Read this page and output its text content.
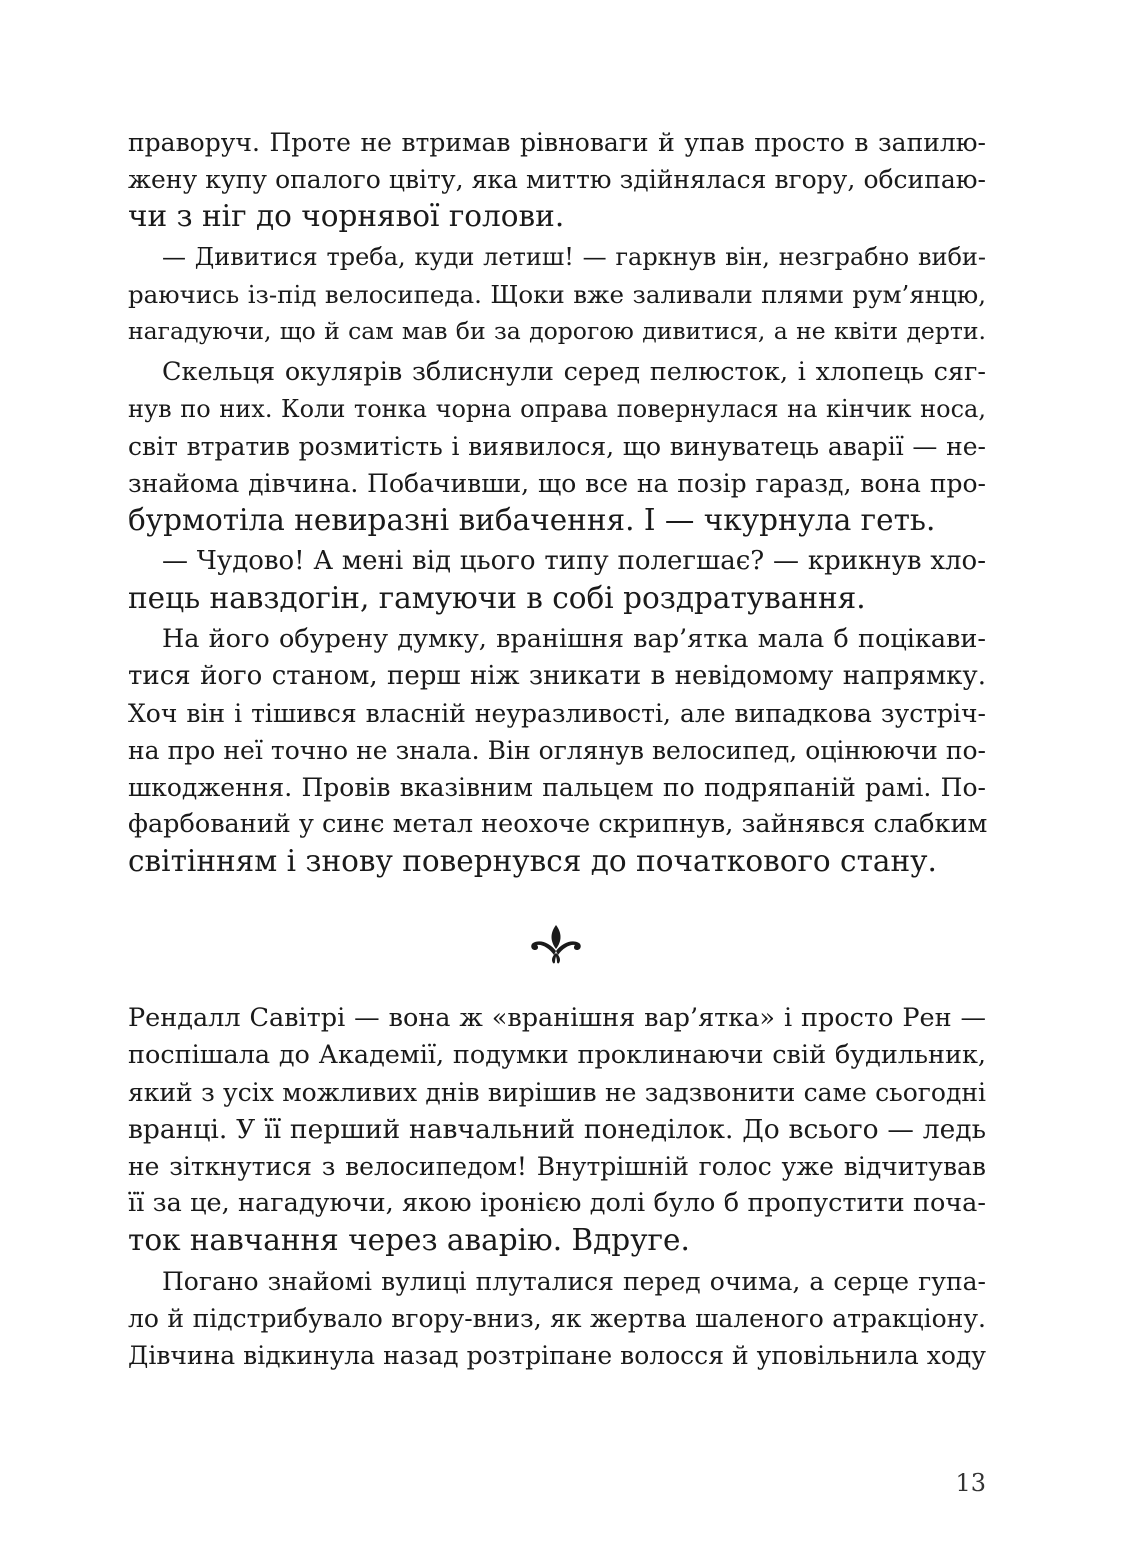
праворуч. Проте не втримав рівноваги й упав просто в запилю-
жену купу опалого цвіту, яка миттю здійнялася вгору, обсипаю-
чи з ніг до чорнявої голови.
— Дивитися треба, куди летиш! — гаркнув він, незграбно виби-
раючись із-під велосипеда. Щоки вже заливали плями рум’янцю,
нагадуючи, що й сам мав би за дорогою дивитися, а не квіти дерти.
Скельця окулярів зблиснули серед пелюсток, і хлопець сяг-
нув по них. Коли тонка чорна оправа повернулася на кінчик носа,
світ втратив розмитість і виявилося, що винуватець аварії — не-
знайома дівчина. Побачивши, що все на позір гаразд, вона про-
бурмотіла невиразні вибачення. І — чкурнула геть.
— Чудово! А мені від цього типу полегшає? — крикнув хло-
пець навздогін, гамуючи в собі роздратування.
На його обурену думку, вранішня вар’ятка мала б поцікави-
тися його станом, перш ніж зникати в невідомому напрямку.
Хоч він і тішився власній неуразливості, але випадкова зустріч-
на про неї точно не знала. Він оглянув велосипед, оцінюючи по-
шкодження. Провів вказівним пальцем по подряпаній рамі. По-
фарбований у синє метал неохоче скрипнув, зайнявся слабким
світінням і знову повернувся до початкового стану.
Рендалл Савітрі — вона ж «вранішня вар’ятка» і просто Рен —
поспішала до Академії, подумки проклинаючи свій будильник,
який з усіх можливих днів вирішив не задзвонити саме сьогодні
вранці. У її перший навчальний понеділок. До всього — ледь
не зіткнутися з велосипедом! Внутрішній голос уже відчитував
її за це, нагадуючи, якою іронією долі було б пропустити поча-
ток навчання через аварію. Вдруге.
Погано знайомі вулиці плуталися перед очима, а серце гупа-
ло й підстрибувало вгору-вниз, як жертва шаленого атракціону.
Дівчина відкинула назад розтріпане волосся й уповільнила ходу
13
